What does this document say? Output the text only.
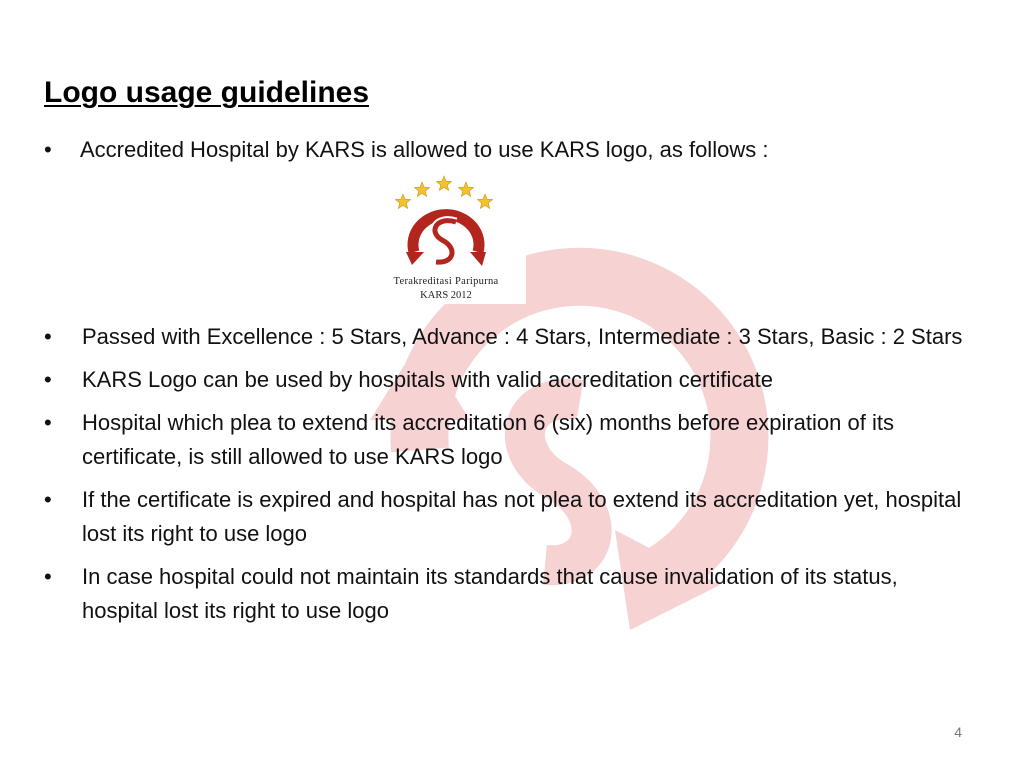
Logo usage guidelines
• Accredited Hospital by KARS is allowed to use KARS logo, as follows :
Terakreditasi Paripurna
KARS 2012
• Passed with Excellence : 5 Stars, Advance : 4 Stars, Intermediate : 3 Stars, Basic : 2 Stars
• KARS Logo can be used by hospitals with valid accreditation certificate
• Hospital which plea to extend its accreditation 6 (six) months before expiration of its certificate, is still allowed to use KARS logo
• If the certificate is expired and hospital has not plea to extend its accreditation yet, hospital lost its right to use logo
• In case hospital could not maintain its standards that cause invalidation of its status, hospital lost its right to use logo
4
